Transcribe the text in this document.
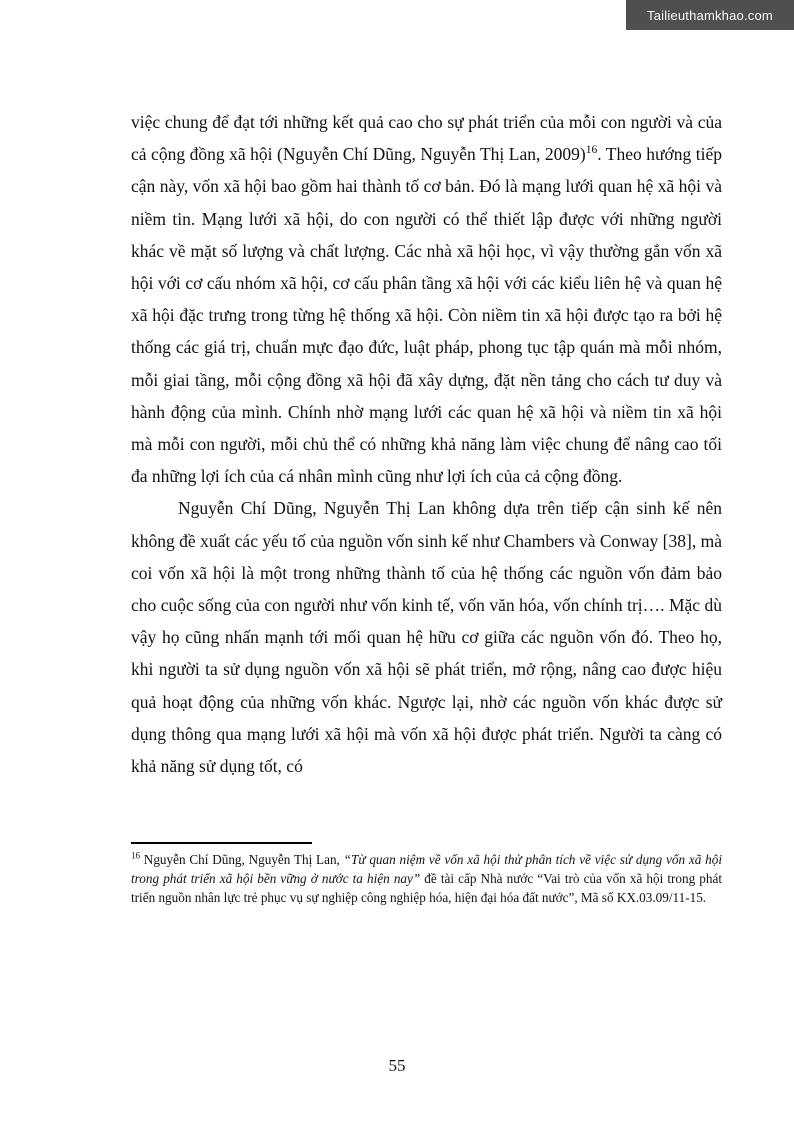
Tailieuthamkhao.com

việc chung để đạt tới những kết quả cao cho sự phát triển của mỗi con người và của cả cộng đồng xã hội (Nguyễn Chí Dũng, Nguyễn Thị Lan, 2009)$^{16}$. Theo hướng tiếp cận này, vốn xã hội bao gồm hai thành tố cơ bản. Đó là mạng lưới quan hệ xã hội và niềm tin. Mạng lưới xã hội, do con người có thể thiết lập được với những người khác về mặt số lượng và chất lượng. Các nhà xã hội học, vì vậy thường gắn vốn xã hội với cơ cấu nhóm xã hội, cơ cấu phân tầng xã hội với các kiểu liên hệ và quan hệ xã hội đặc trưng trong từng hệ thống xã hội. Còn niềm tin xã hội được tạo ra bởi hệ thống các giá trị, chuẩn mực đạo đức, luật pháp, phong tục tập quán mà mỗi nhóm, mỗi giai tầng, mỗi cộng đồng xã hội đã xây dựng, đặt nền tảng cho cách tư duy và hành động của mình. Chính nhờ mạng lưới các quan hệ xã hội và niềm tin xã hội mà mỗi con người, mỗi chủ thể có những khả năng làm việc chung để nâng cao tối đa những lợi ích của cá nhân mình cũng như lợi ích của cả cộng đồng.

Nguyễn Chí Dũng, Nguyễn Thị Lan không dựa trên tiếp cận sinh kế nên không đề xuất các yếu tố của nguồn vốn sinh kế như Chambers và Conway [38], mà coi vốn xã hội là một trong những thành tố của hệ thống các nguồn vốn đảm bảo cho cuộc sống của con người như vốn kinh tế, vốn văn hóa, vốn chính trị…. Mặc dù vậy họ cũng nhấn mạnh tới mối quan hệ hữu cơ giữa các nguồn vốn đó. Theo họ, khi người ta sử dụng nguồn vốn xã hội sẽ phát triển, mở rộng, nâng cao được hiệu quả hoạt động của những vốn khác. Ngược lại, nhờ các nguồn vốn khác được sử dụng thông qua mạng lưới xã hội mà vốn xã hội được phát triển. Người ta càng có khả năng sử dụng tốt, có

$^{16}$ Nguyễn Chí Dũng, Nguyễn Thị Lan, “Từ quan niệm về vốn xã hội thử phân tích về việc sử dụng vốn xã hội trong phát triển xã hội bền vững ở nước ta hiện nay” đề tài cấp Nhà nước “Vai trò của vốn xã hội trong phát triển nguồn nhân lực trẻ phục vụ sự nghiệp công nghiệp hóa, hiện đại hóa đất nước”, Mã số KX.03.09/11-15.

55
